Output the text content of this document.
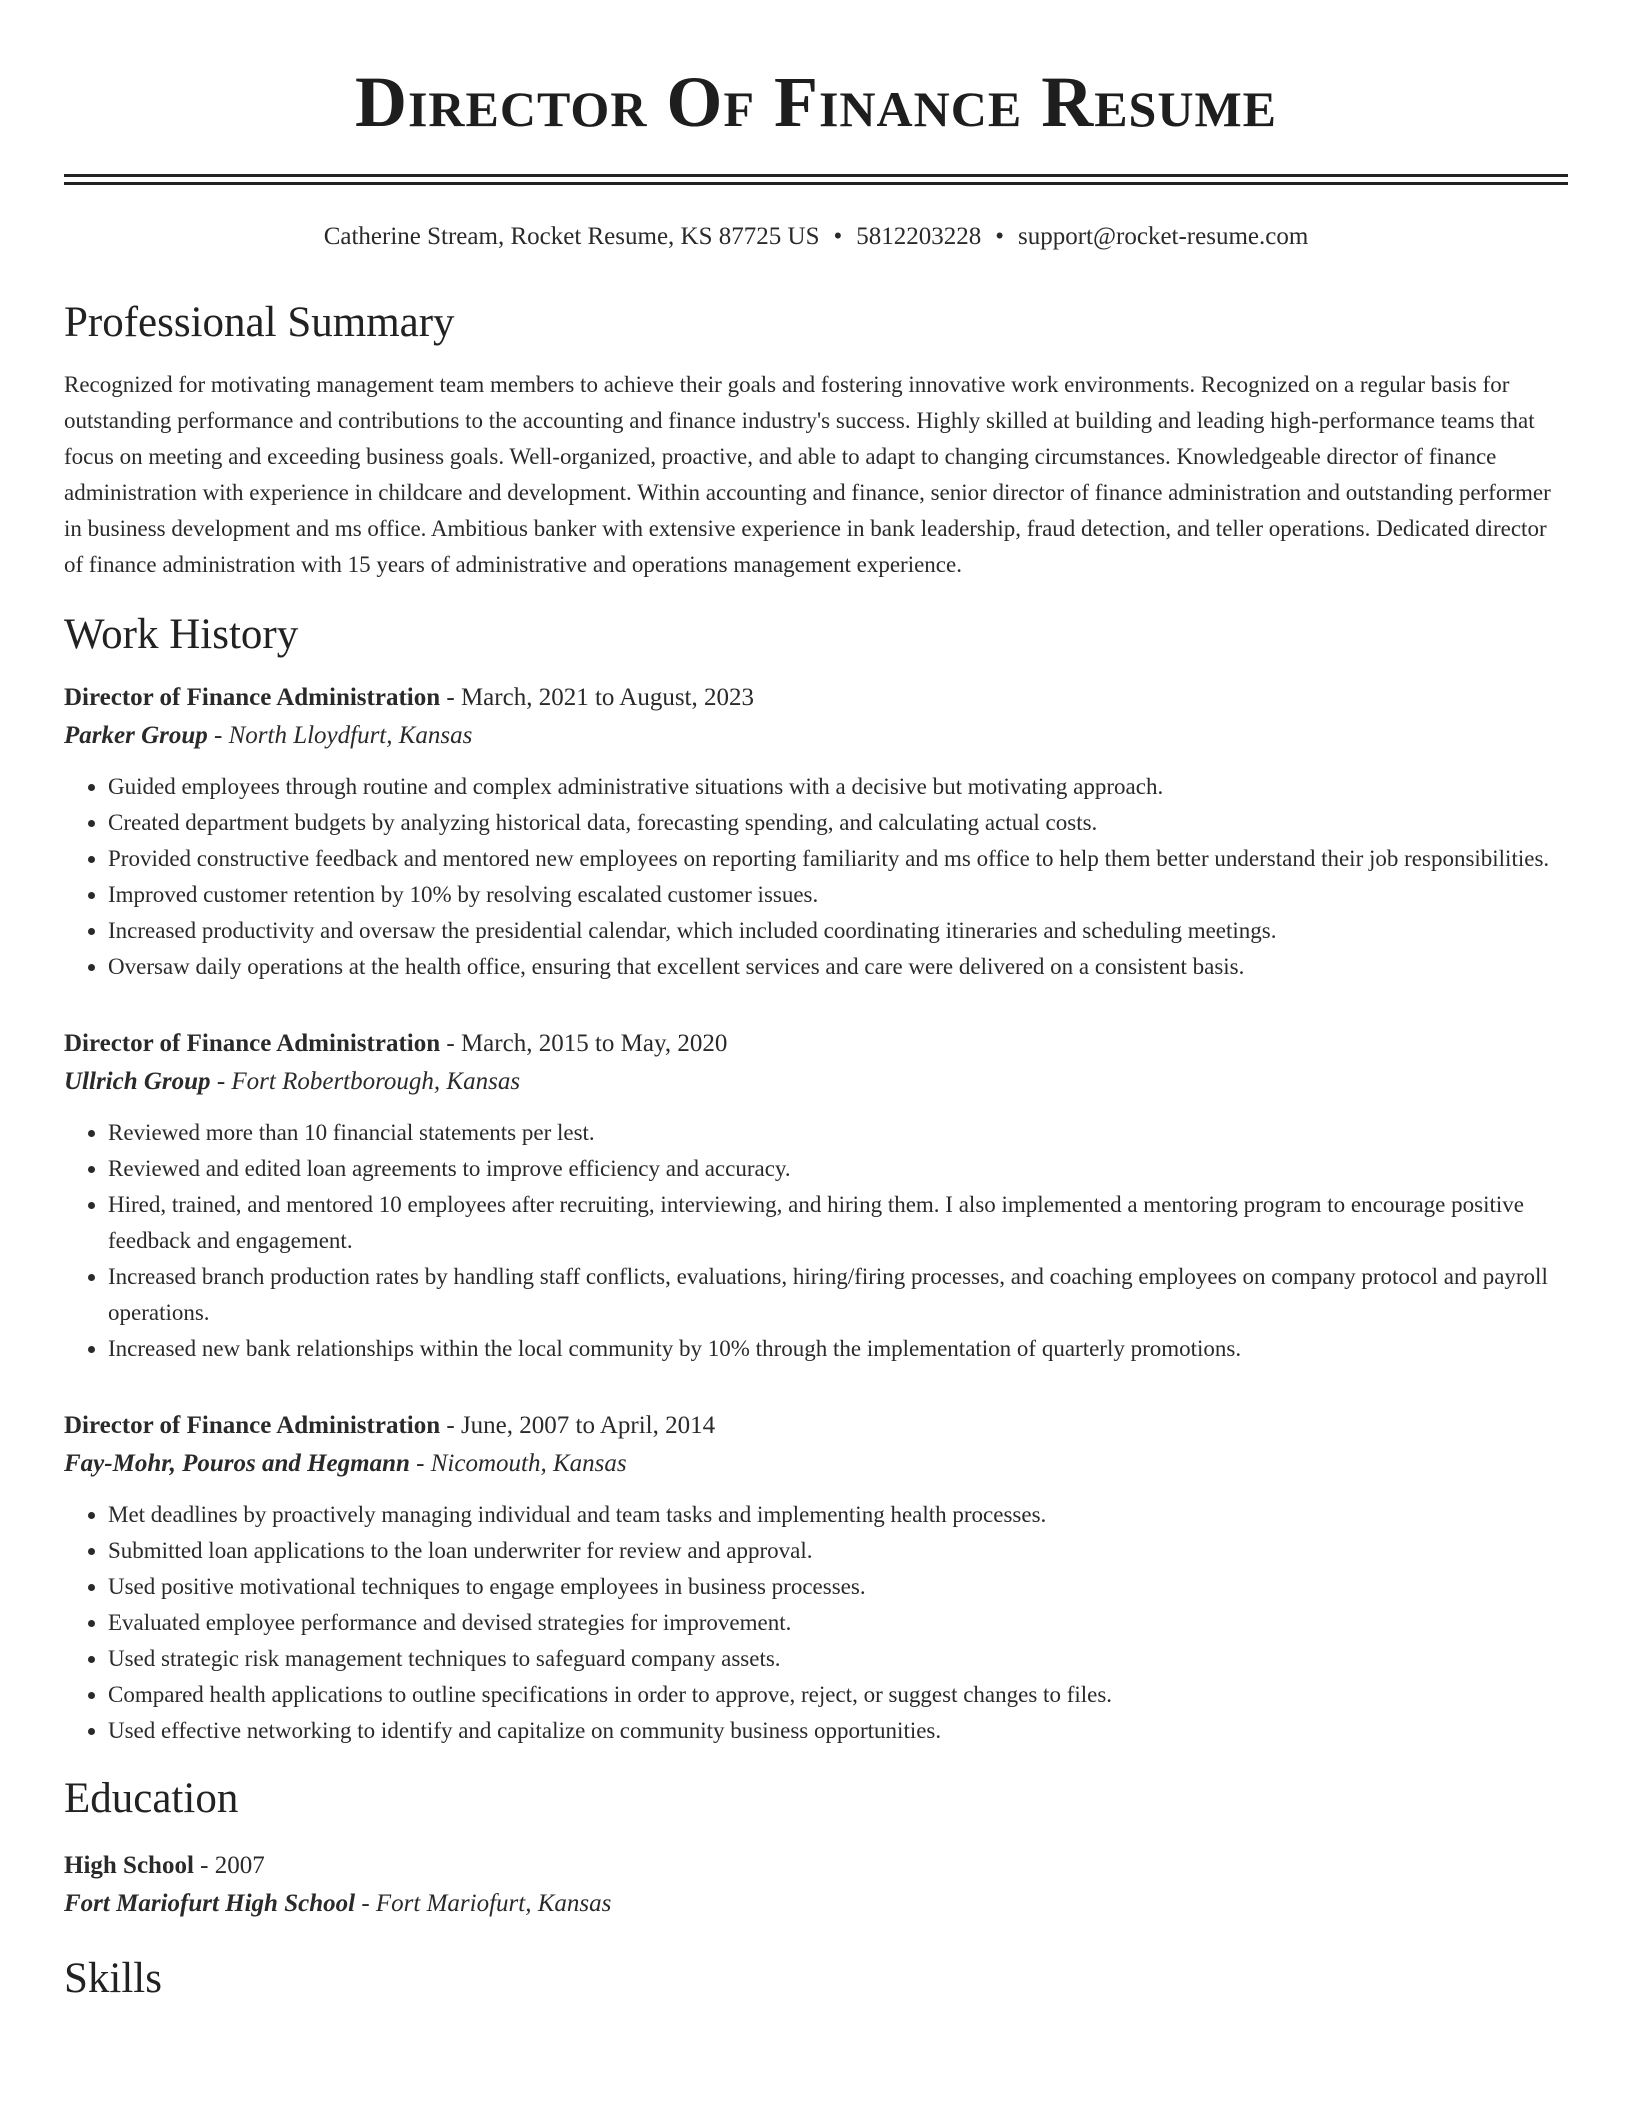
Director Of Finance Resume
Catherine Stream, Rocket Resume, KS 87725 US • 5812203228 • support@rocket-resume.com
Professional Summary

Recognized for motivating management team members to achieve their goals and fostering innovative work environments. Recognized on a regular basis for outstanding performance and contributions to the accounting and finance industry's success. Highly skilled at building and leading high-performance teams that focus on meeting and exceeding business goals. Well-organized, proactive, and able to adapt to changing circumstances. Knowledgeable director of finance administration with experience in childcare and development. Within accounting and finance, senior director of finance administration and outstanding performer in business development and ms office. Ambitious banker with extensive experience in bank leadership, fraud detection, and teller operations. Dedicated director of finance administration with 15 years of administrative and operations management experience.

Work History
Director of Finance Administration - March, 2021 to August, 2023
Parker Group - North Lloydfurt, Kansas
• Guided employees through routine and complex administrative situations with a decisive but motivating approach.
• Created department budgets by analyzing historical data, forecasting spending, and calculating actual costs.
• Provided constructive feedback and mentored new employees on reporting familiarity and ms office to help them better understand their job responsibilities.
• Improved customer retention by 10% by resolving escalated customer issues.
• Increased productivity and oversaw the presidential calendar, which included coordinating itineraries and scheduling meetings.
• Oversaw daily operations at the health office, ensuring that excellent services and care were delivered on a consistent basis.
Director of Finance Administration - March, 2015 to May, 2020
Ullrich Group - Fort Robertborough, Kansas
• Reviewed more than 10 financial statements per lest.
• Reviewed and edited loan agreements to improve efficiency and accuracy.
• Hired, trained, and mentored 10 employees after recruiting, interviewing, and hiring them. I also implemented a mentoring program to encourage positive feedback and engagement.
• Increased branch production rates by handling staff conflicts, evaluations, hiring/firing processes, and coaching employees on company protocol and payroll operations.
• Increased new bank relationships within the local community by 10% through the implementation of quarterly promotions.
Director of Finance Administration - June, 2007 to April, 2014
Fay-Mohr, Pouros and Hegmann - Nicomouth, Kansas
• Met deadlines by proactively managing individual and team tasks and implementing health processes.
• Submitted loan applications to the loan underwriter for review and approval.
• Used positive motivational techniques to engage employees in business processes.
• Evaluated employee performance and devised strategies for improvement.
• Used strategic risk management techniques to safeguard company assets.
• Compared health applications to outline specifications in order to approve, reject, or suggest changes to files.
• Used effective networking to identify and capitalize on community business opportunities.
Education
High School - 2007
Fort Mariofurt High School - Fort Mariofurt, Kansas
Skills
